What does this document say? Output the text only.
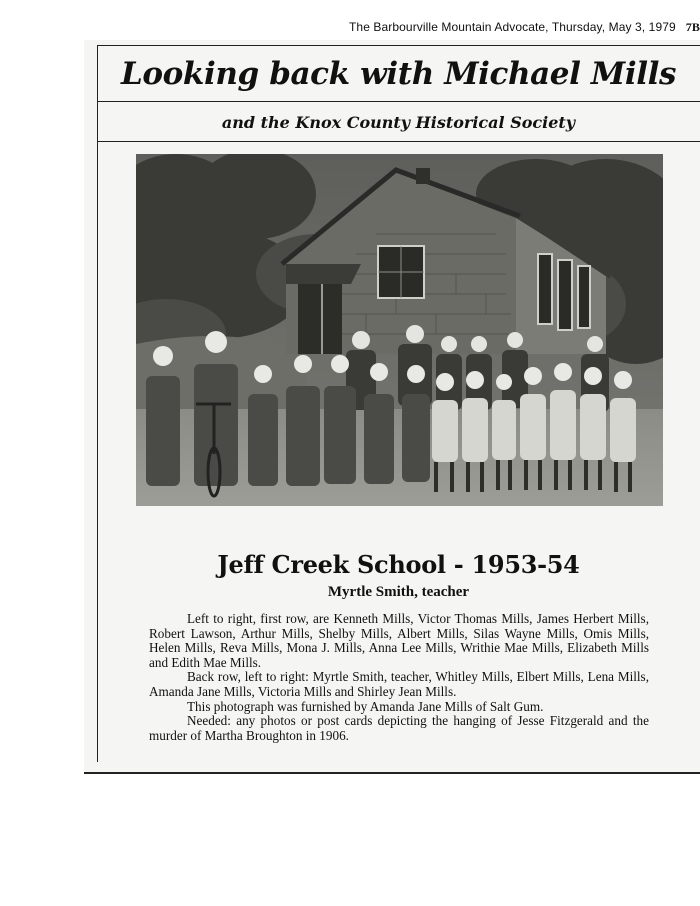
The Barbourville Mountain Advocate, Thursday, May 3, 1979 7B
Looking back with Michael Mills
and the Knox County Historical Society
Jeff Creek School - 1953-54
Myrtle Smith, teacher

Left to right, first row, are Kenneth Mills, Victor Thomas Mills, James Herbert Mills, Robert Lawson, Arthur Mills, Shelby Mills, Albert Mills, Silas Wayne Mills, Omis Mills, Helen Mills, Reva Mills, Mona J. Mills, Anna Lee Mills, Writhie Mae Mills, Elizabeth Mills and Edith Mae Mills.

Back row, left to right: Myrtle Smith, teacher, Whitley Mills, Elbert Mills, Lena Mills, Amanda Jane Mills, Victoria Mills and Shirley Jean Mills.

This photograph was furnished by Amanda Jane Mills of Salt Gum.

Needed: any photos or post cards depicting the hanging of Jesse Fitzgerald and the murder of Martha Broughton in 1906.
